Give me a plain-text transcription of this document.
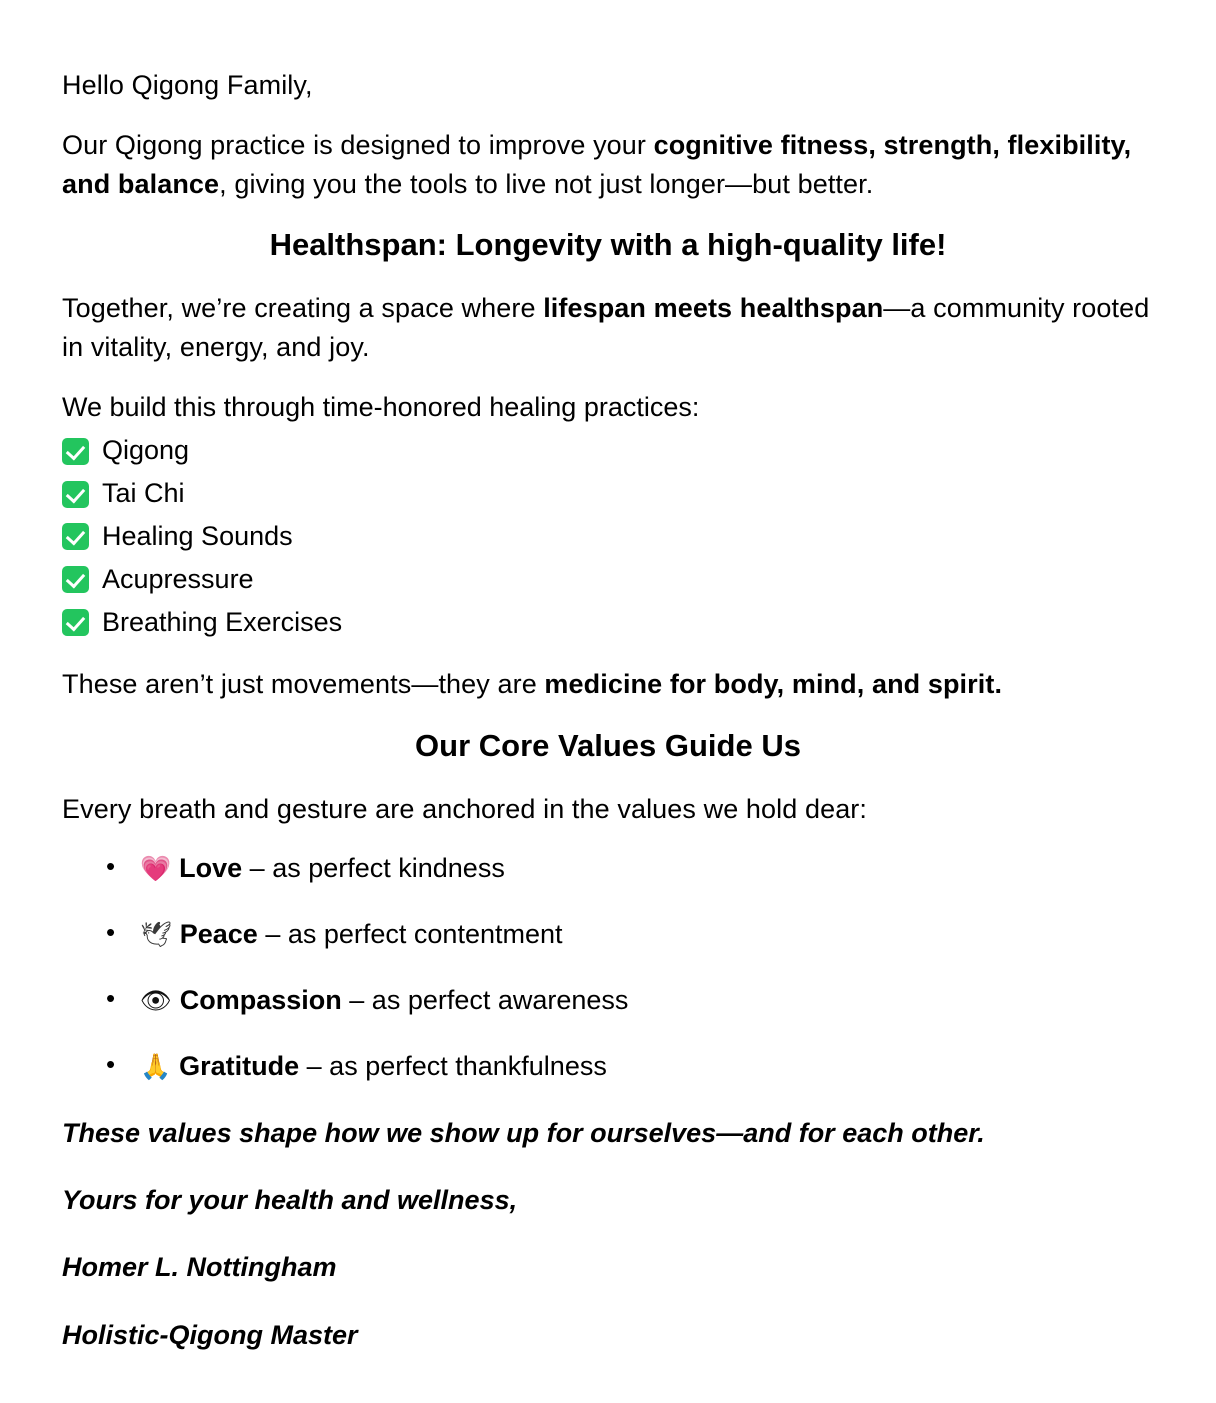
Hello Qigong Family,

Our Qigong practice is designed to improve your cognitive fitness, strength, flexibility, and balance, giving you the tools to live not just longer—but better.

Healthspan: Longevity with a high-quality life!

Together, we’re creating a space where lifespan meets healthspan—a community rooted in vitality, energy, and joy.

We build this through time-honored healing practices:

Qigong
Tai Chi
Healing Sounds
Acupressure
Breathing Exercises

These aren’t just movements—they are medicine for body, mind, and spirit.

Our Core Values Guide Us

Every breath and gesture are anchored in the values we hold dear:

• 💗 Love – as perfect kindness
• 🕊 Peace – as perfect contentment
• 👁 Compassion – as perfect awareness
• 🙏 Gratitude – as perfect thankfulness

These values shape how we show up for ourselves—and for each other.

Yours for your health and wellness,

Homer L. Nottingham

Holistic-Qigong Master
